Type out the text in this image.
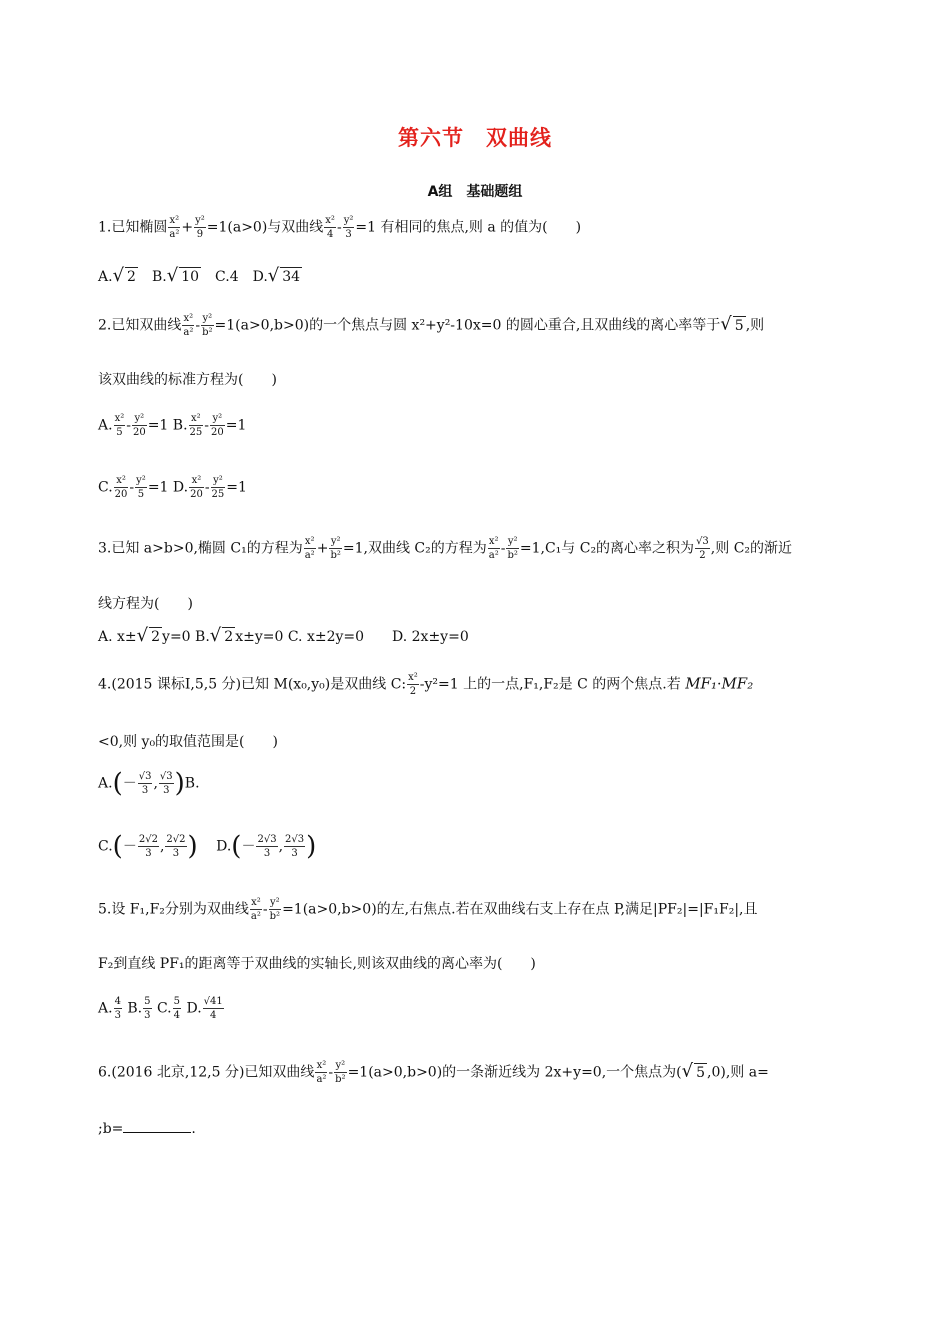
第六节　双曲线
A组　基础题组
1.已知椭圆 $\frac{\text{x²}}{\text{a²}} + \frac{\text{y²}}{9} =1(a>0)$与双曲线 $\frac{\text{x²}}{4} - \frac{\text{y²}}{3} =1$ 有相同的焦点,则 a 的值为(　　)
A.√ 2　B.√ 10　C.4　D.√ 34
2.已知双曲线 $\frac{\text{x²}}{\text{a²}} - \frac{\text{y²}}{\text{b²}} =1(a>0,b>0)$的一个焦点与圆 x²+y²-10x=0 的圆心重合,且双曲线的离心率等于√ 5 ,则
该双曲线的标准方程为(　　)
A. $\frac{\text{x²}}{5} - \frac{\text{y²}}{20} =1$ B. $\frac{\text{x²}}{25} - \frac{\text{y²}}{20} =1$
C. $\frac{\text{x²}}{20} - \frac{\text{y²}}{5} =1$ D. $\frac{\text{x²}}{20} - \frac{\text{y²}}{25} =1$
3.已知 a>b>0,椭圆 C₁的方程为 $\frac{\text{x²}}{\text{a²}} + \frac{\text{y²}}{\text{b²}} =1$,双曲线 C₂的方程为 $\frac{\text{x²}}{\text{a²}} - \frac{\text{y²}}{\text{b²}} =1,C_1$与 C₂的离心率之积为 $\frac{√3}{2}$ ,则 C₂的渐近
线方程为(　　)
A. x±√ 2 y=0 B.√ 2 x±y=0 C. x±2y=0　　D. 2x±y=0
4.(2015 课标Ⅰ,5,5 分)已知 M(x₀,y₀)是双曲线 C: $\frac{\text{x²}}{2} -y^2=1$ 上的一点,F₁,F₂是 C 的两个焦点.若 MF₁·MF₂
<0,则 y₀的取值范围是(　　)
$A.(- \frac{√3}{3}$ , $\frac{√3}{3} )B$.
$C.(- \frac{2√2}{3}$ , $\frac{2√2}{3}$ ) 　 $D.(- \frac{2√3}{3}$ , $\frac{2√3}{3}$ )
5.设 F₁,F₂分别为双曲线 $\frac{\text{x²}}{\text{a²}} - \frac{\text{y²}}{\text{b²}} =1(a>0,b>0)$的左,右焦点.若在双曲线右支上存在点 P,满足|PF₂|=|F₁F₂|,且
F₂到直线 PF₁的距离等于双曲线的实轴长,则该双曲线的离心率为(　　)
A. $\frac{4}{3} B$. $\frac{5}{3} C$. $\frac{5}{4} D$. $\frac{√41}{4}$
6.(2016 北京,12,5 分)已知双曲线 $\frac{\text{x²}}{\text{a²}} - \frac{\text{y²}}{\text{b²}} =1(a>0,b>0)$的一条渐近线为 2x+y=0,一个焦点为(√ 5 ,0),则 a=
;b=	.
